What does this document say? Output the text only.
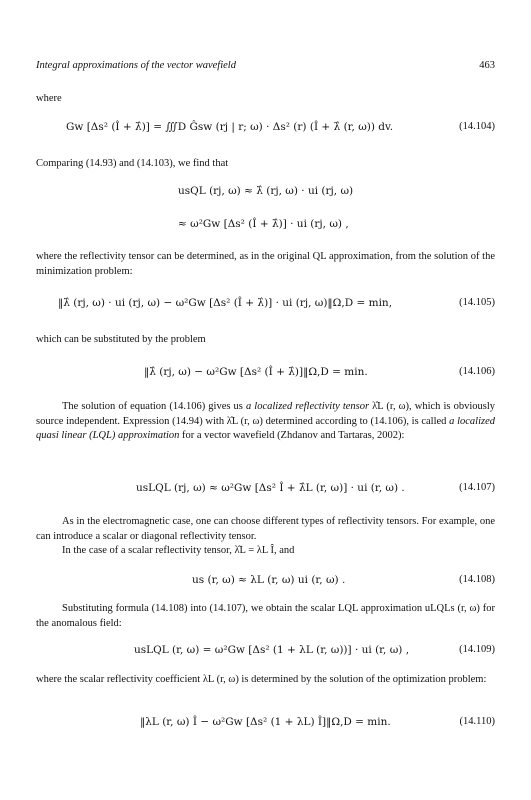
Integral approximations of the vector wavefield	463
where
Gw [Δs² (Î + λ̂)] = ∭D Ĝsw (rj | r; ω) · Δs² (r) (Î + λ̂ (r, ω)) dv.	(14.104)
Comparing (14.93) and (14.103), we find that
usQL (rj, ω) ≈ λ̂ (rj, ω) · ui (rj, ω)
≈ ω²Gw [Δs² (Î + λ̂)] · ui (rj, ω) ,
where the reflectivity tensor can be determined, as in the original QL approximation, from the solution of the minimization problem:
‖λ̂ (rj, ω) · ui (rj, ω) − ω²Gw [Δs² (Î + λ̂)] · ui (rj, ω)‖Ω,D = min,	(14.105)
which can be substituted by the problem
‖λ̂ (rj, ω) − ω²Gw [Δs² (Î + λ̂)]‖Ω,D = min.	(14.106)
The solution of equation (14.106) gives us a localized reflectivity tensor λ̂L (r, ω), which is obviously source independent. Expression (14.94) with λ̂L (r, ω) determined according to (14.106), is called a localized quasi linear (LQL) approximation for a vector wavefield (Zhdanov and Tartaras, 2002):
usLQL (rj, ω) ≈ ω²Gw [Δs² Î + λ̂L (r, ω)] · ui (r, ω) .	(14.107)
As in the electromagnetic case, one can choose different types of reflectivity tensors. For example, one can introduce a scalar or diagonal reflectivity tensor.
In the case of a scalar reflectivity tensor, λ̂L = λL Î, and
us (r, ω) ≈ λL (r, ω) ui (r, ω) .	(14.108)
Substituting formula (14.108) into (14.107), we obtain the scalar LQL approximation uLQLs (r, ω) for the anomalous field:
usLQL (r, ω) = ω²Gw [Δs² (1 + λL (r, ω))] · ui (r, ω) ,	(14.109)
where the scalar reflectivity coefficient λL (r, ω) is determined by the solution of the optimization problem:
‖λL (r, ω) Î − ω²Gw [Δs² (1 + λL) Î]‖Ω,D = min.	(14.110)
